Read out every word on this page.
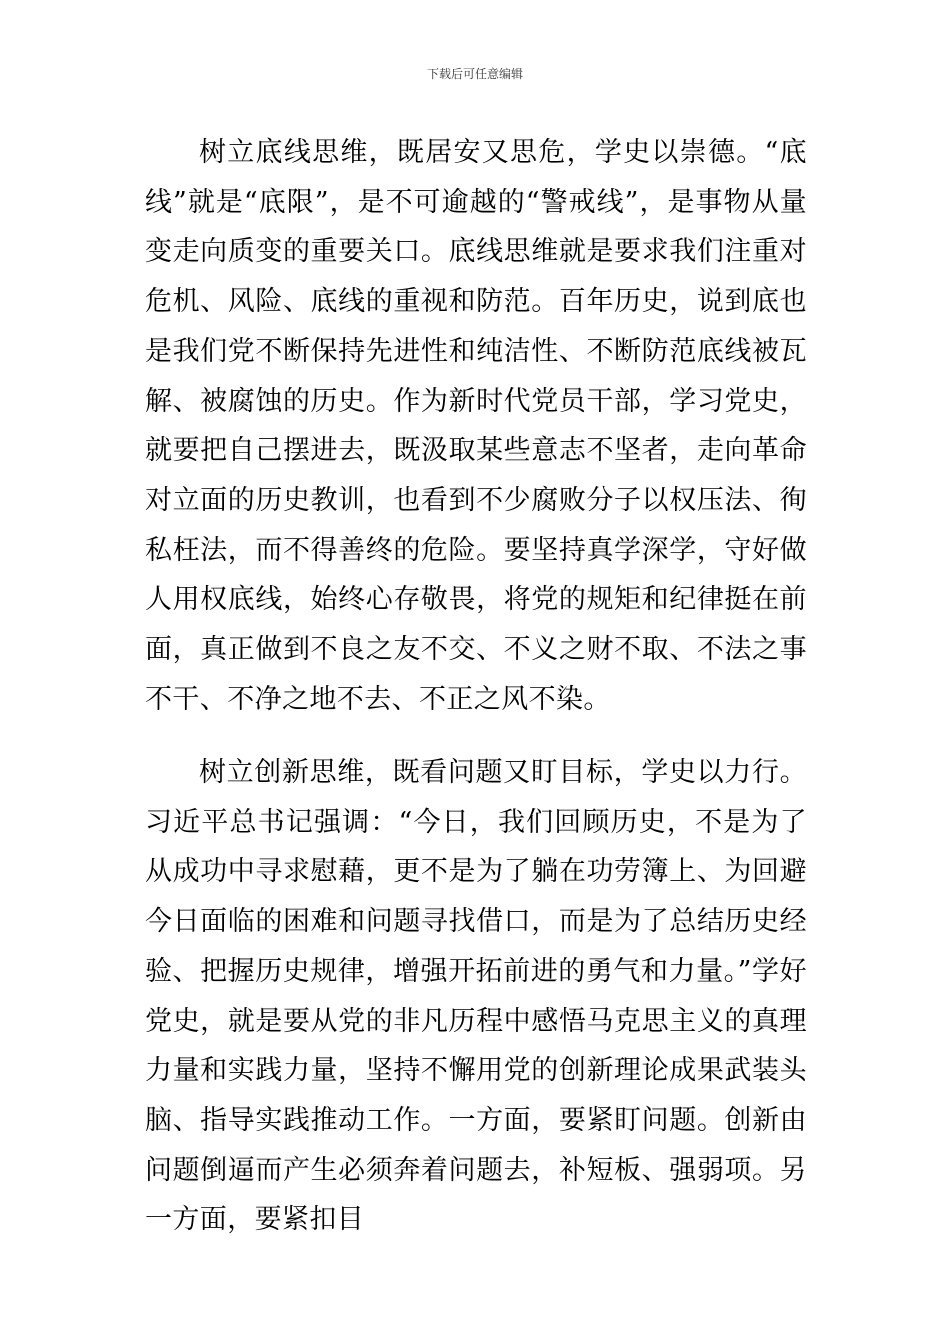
下载后可任意编辑

树立底线思维，既居安又思危，学史以崇德。“底线”就是“底限”，是不可逾越的“警戒线”，是事物从量变走向质变的重要关口。底线思维就是要求我们注重对危机、风险、底线的重视和防范。百年历史，说到底也是我们党不断保持先进性和纯洁性、不断防范底线被瓦解、被腐蚀的历史。作为新时代党员干部，学习党史，就要把自己摆进去，既汲取某些意志不坚者，走向革命对立面的历史教训，也看到不少腐败分子以权压法、徇私枉法，而不得善终的危险。要坚持真学深学，守好做人用权底线，始终心存敬畏，将党的规矩和纪律挺在前面，真正做到不良之友不交、不义之财不取、不法之事不干、不净之地不去、不正之风不染。

树立创新思维，既看问题又盯目标，学史以力行。习近平总书记强调：“今日，我们回顾历史，不是为了从成功中寻求慰藉，更不是为了躺在功劳簿上、为回避今日面临的困难和问题寻找借口，而是为了总结历史经验、把握历史规律，增强开拓前进的勇气和力量。”学好党史，就是要从党的非凡历程中感悟马克思主义的真理力量和实践力量，坚持不懈用党的创新理论成果武装头脑、指导实践推动工作。一方面，要紧盯问题。创新由问题倒逼而产生必须奔着问题去，补短板、强弱项。另一方面，要紧扣目
